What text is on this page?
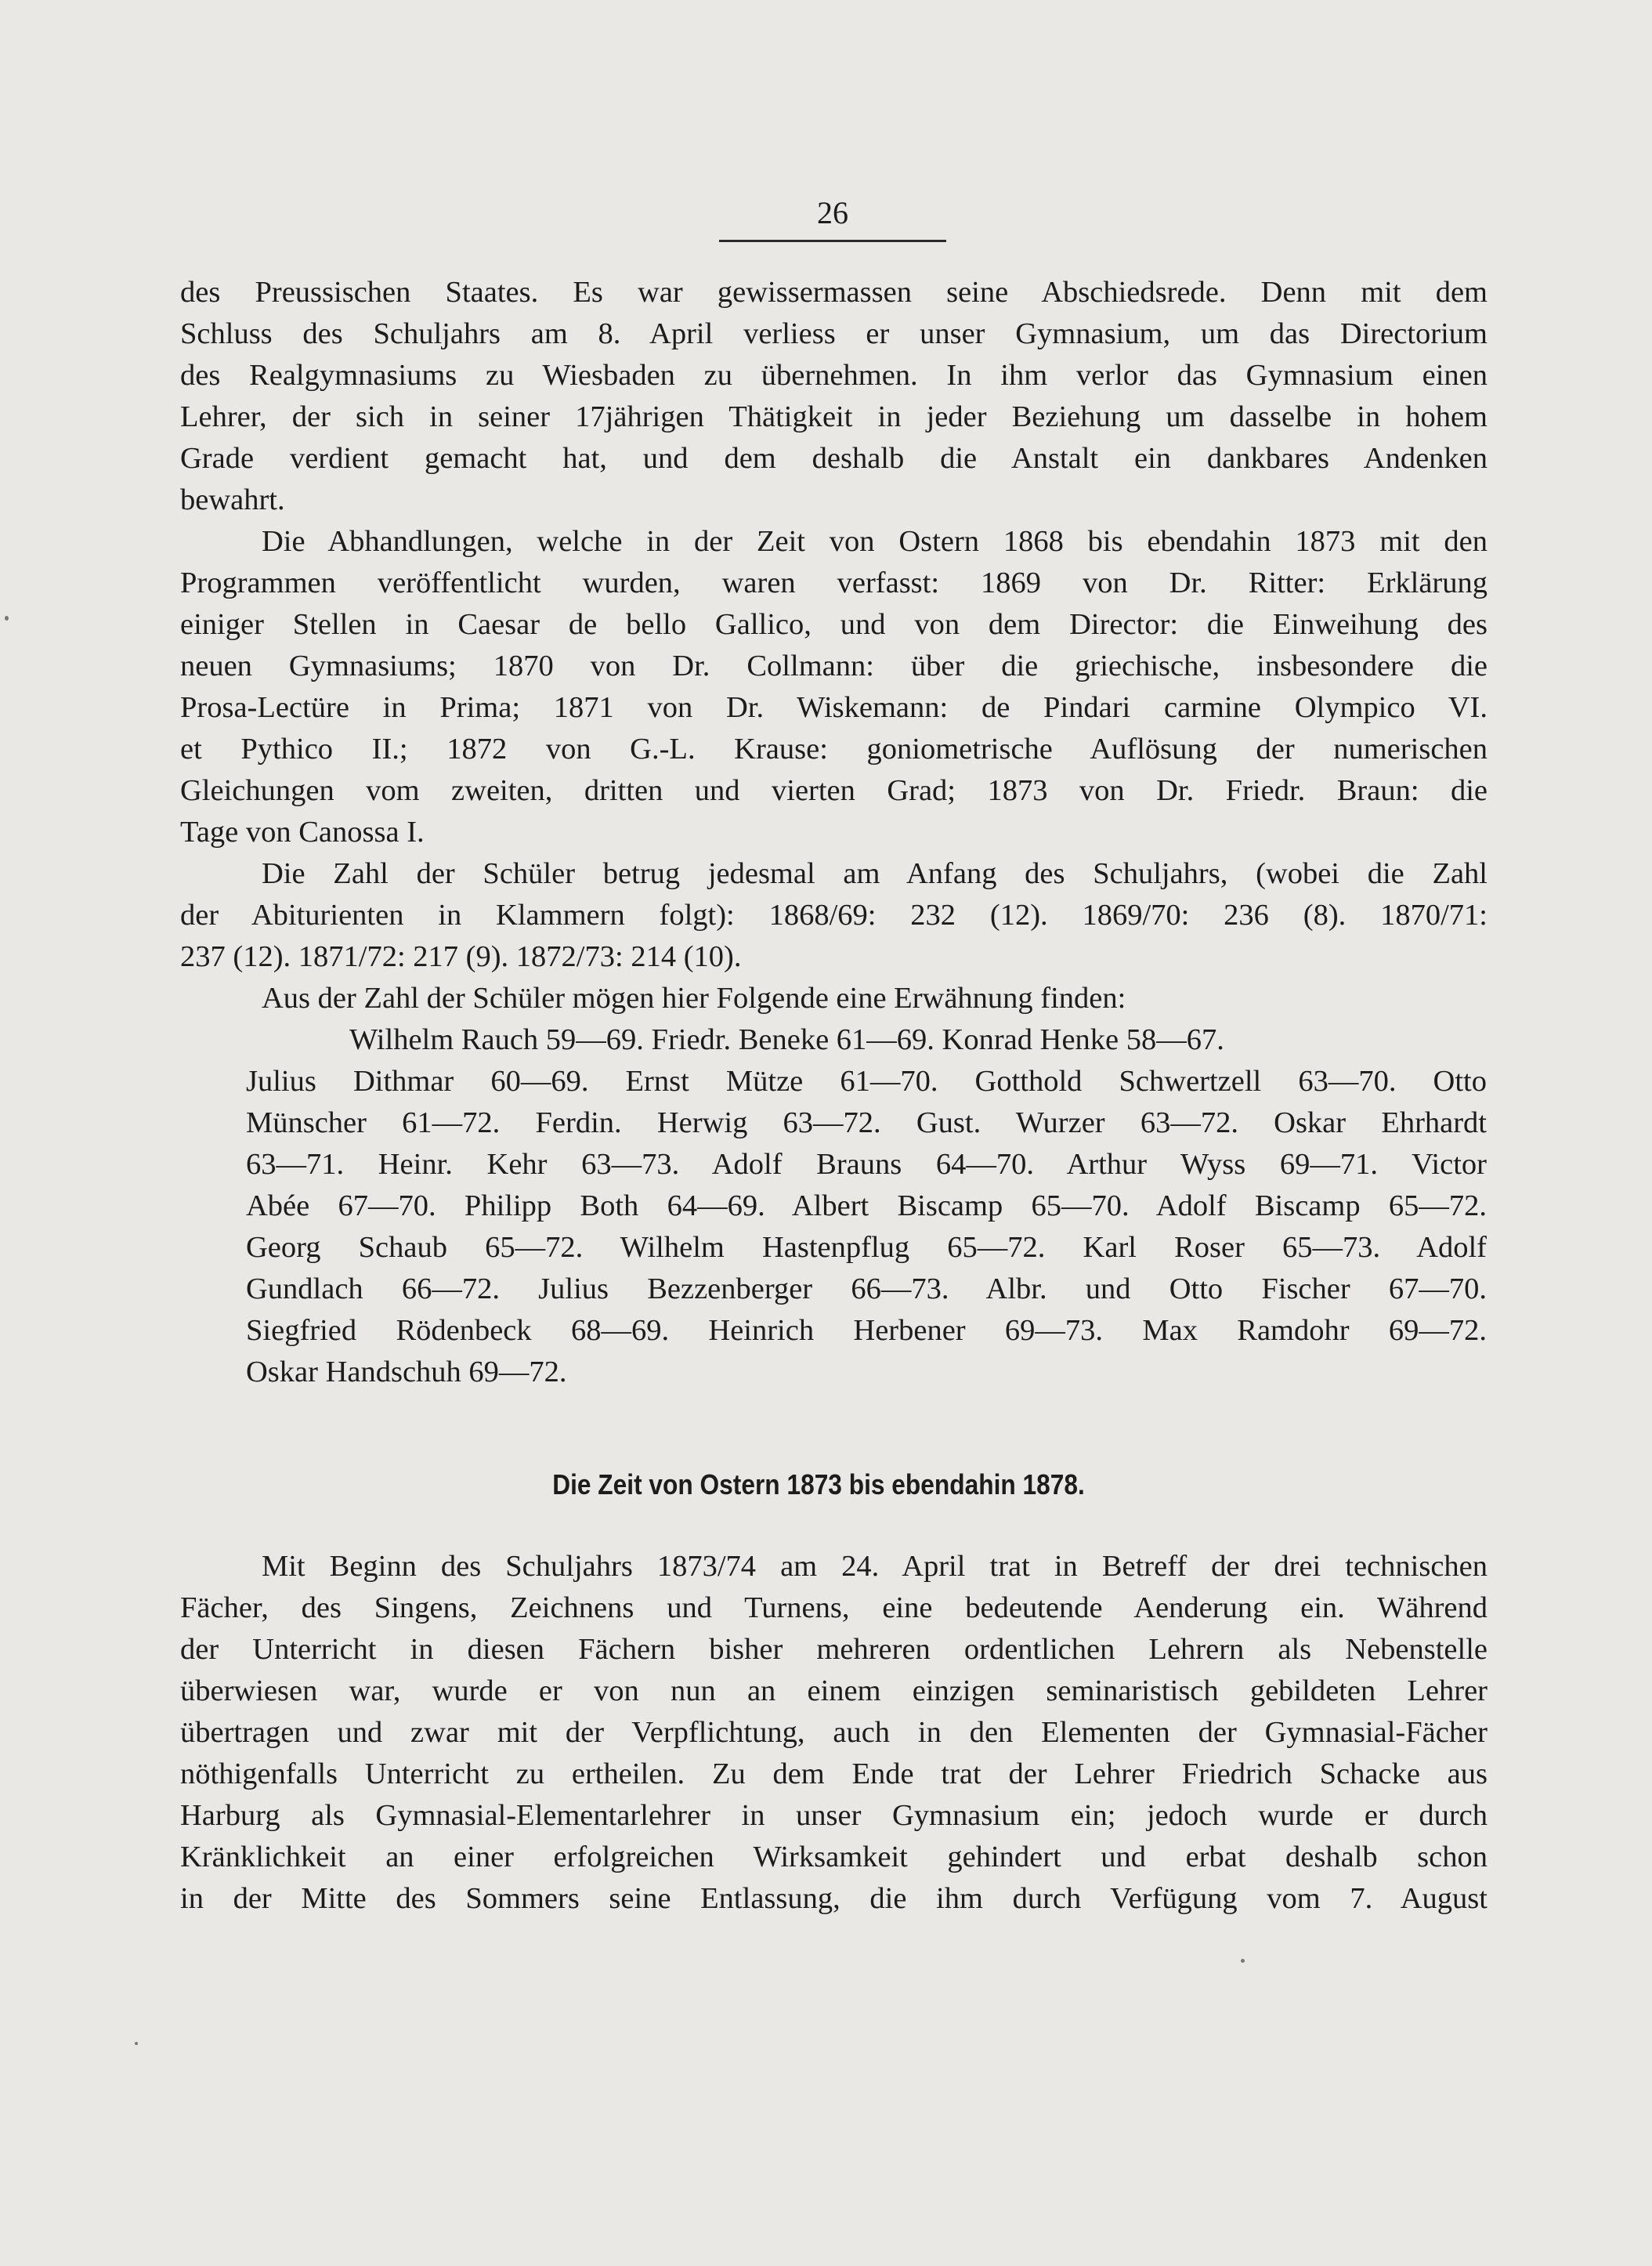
26
des Preussischen Staates. Es war gewissermassen seine Abschiedsrede. Denn mit dem
Schluss des Schuljahrs am 8. April verliess er unser Gymnasium, um das Directorium
des Realgymnasiums zu Wiesbaden zu übernehmen. In ihm verlor das Gymnasium einen
Lehrer, der sich in seiner 17jährigen Thätigkeit in jeder Beziehung um dasselbe in hohem
Grade verdient gemacht hat, und dem deshalb die Anstalt ein dankbares Andenken
bewahrt.
Die Abhandlungen, welche in der Zeit von Ostern 1868 bis ebendahin 1873 mit den
Programmen veröffentlicht wurden, waren verfasst: 1869 von Dr. Ritter: Erklärung
einiger Stellen in Caesar de bello Gallico, und von dem Director: die Einweihung des
neuen Gymnasiums; 1870 von Dr. Collmann: über die griechische, insbesondere die
Prosa-Lectüre in Prima; 1871 von Dr. Wiskemann: de Pindari carmine Olympico VI.
et Pythico II.; 1872 von G.-L. Krause: goniometrische Auflösung der numerischen
Gleichungen vom zweiten, dritten und vierten Grad; 1873 von Dr. Friedr. Braun: die
Tage von Canossa I.
Die Zahl der Schüler betrug jedesmal am Anfang des Schuljahrs, (wobei die Zahl
der Abiturienten in Klammern folgt): 1868/69: 232 (12). 1869/70: 236 (8). 1870/71:
237 (12). 1871/72: 217 (9). 1872/73: 214 (10).
Aus der Zahl der Schüler mögen hier Folgende eine Erwähnung finden:
Wilhelm Rauch 59—69. Friedr. Beneke 61—69. Konrad Henke 58—67.
Julius Dithmar 60—69. Ernst Mütze 61—70. Gotthold Schwertzell 63—70. Otto
Münscher 61—72. Ferdin. Herwig 63—72. Gust. Wurzer 63—72. Oskar Ehrhardt
63—71. Heinr. Kehr 63—73. Adolf Brauns 64—70. Arthur Wyss 69—71. Victor
Abée 67—70. Philipp Both 64—69. Albert Biscamp 65—70. Adolf Biscamp 65—72.
Georg Schaub 65—72. Wilhelm Hastenpflug 65—72. Karl Roser 65—73. Adolf
Gundlach 66—72. Julius Bezzenberger 66—73. Albr. und Otto Fischer 67—70.
Siegfried Rödenbeck 68—69. Heinrich Herbener 69—73. Max Ramdohr 69—72.
Oskar Handschuh 69—72.
Die Zeit von Ostern 1873 bis ebendahin 1878.
Mit Beginn des Schuljahrs 1873/74 am 24. April trat in Betreff der drei technischen
Fächer, des Singens, Zeichnens und Turnens, eine bedeutende Aenderung ein. Während
der Unterricht in diesen Fächern bisher mehreren ordentlichen Lehrern als Nebenstelle
überwiesen war, wurde er von nun an einem einzigen seminaristisch gebildeten Lehrer
übertragen und zwar mit der Verpflichtung, auch in den Elementen der Gymnasial-Fächer
nöthigenfalls Unterricht zu ertheilen. Zu dem Ende trat der Lehrer Friedrich Schacke aus
Harburg als Gymnasial-Elementarlehrer in unser Gymnasium ein; jedoch wurde er durch
Kränklichkeit an einer erfolgreichen Wirksamkeit gehindert und erbat deshalb schon
in der Mitte des Sommers seine Entlassung, die ihm durch Verfügung vom 7. August
